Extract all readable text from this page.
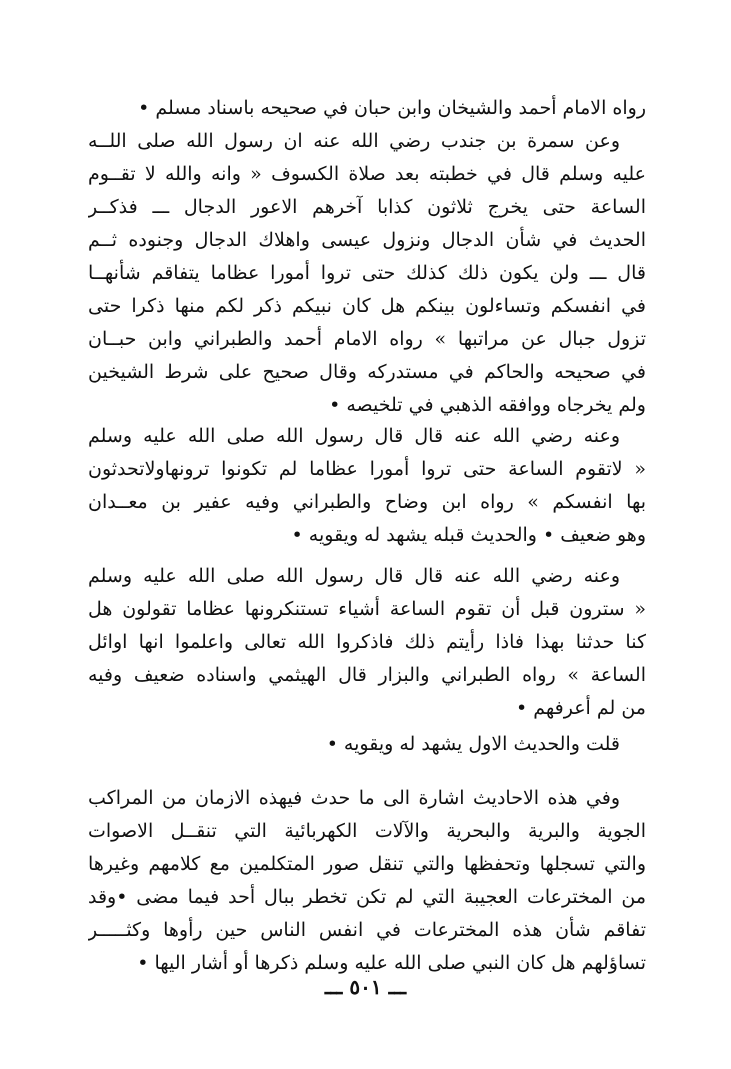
رواه الامام أحمد والشيخان وابن حبان في صحيحه باسناد مسلم •
وعن سمرة بن جندب رضي الله عنه ان رسول الله صلى اللــه
عليه وسلم قال في خطبته بعد صلاة الكسوف « وانه والله لا تقــوم
الساعة حتى يخرج ثلاثون كذابا آخرهم الاعور الدجال ـــ فذكــر
الحديث في شأن الدجال ونزول عيسى واهلاك الدجال وجنوده ثــم
قال ـــ ولن يكون ذلك كذلك حتى تروا أمورا عظاما يتفاقم شأنهــا
في انفسكم وتساءلون بينكم هل كان نبيكم ذكر لكم منها ذكرا حتى
تزول جبال عن مراتبها » رواه الامام أحمد والطبراني وابن حبــان
في صحيحه والحاكم في مستدركه وقال صحيح على شرط الشيخين
ولم يخرجاه ووافقه الذهبي في تلخيصه •
وعنه رضي الله عنه قال قال رسول الله صلى الله عليه وسلم
« لاتقوم الساعة حتى تروا أمورا عظاما لم تكونوا ترونهاولاتحدثون
بها انفسكم » رواه ابن وضاح والطبراني وفيه عفير بن معــدان
وهو ضعيف • والحديث قبله يشهد له ويقويه •
وعنه رضي الله عنه قال قال رسول الله صلى الله عليه وسلم
« سترون قبل أن تقوم الساعة أشياء تستنكرونها عظاما تقولون هل
كنا حدثنا بهذا فاذا رأيتم ذلك فاذكروا الله تعالى واعلموا انها اوائل
الساعة » رواه الطبراني والبزار قال الهيثمي واسناده ضعيف وفيه
من لم أعرفهم •
قلت والحديث الاول يشهد له ويقويه •
وفي هذه الاحاديث اشارة الى ما حدث فيهذه الازمان من المراكب
الجوية والبرية والبحرية والآلات الكهربائية التي تنقــل الاصوات
والتي تسجلها وتحفظها والتي تنقل صور المتكلمين مع كلامهم وغيرها
من المخترعات العجيبة التي لم تكن تخطر ببال أحد فيما مضى •وقد
تفاقم شأن هذه المخترعات في انفس الناس حين رأوها وكثـــــر
تساؤلهم هل كان النبي صلى الله عليه وسلم ذكرها أو أشار اليها •
ـــ ٥٠١ ـــ
